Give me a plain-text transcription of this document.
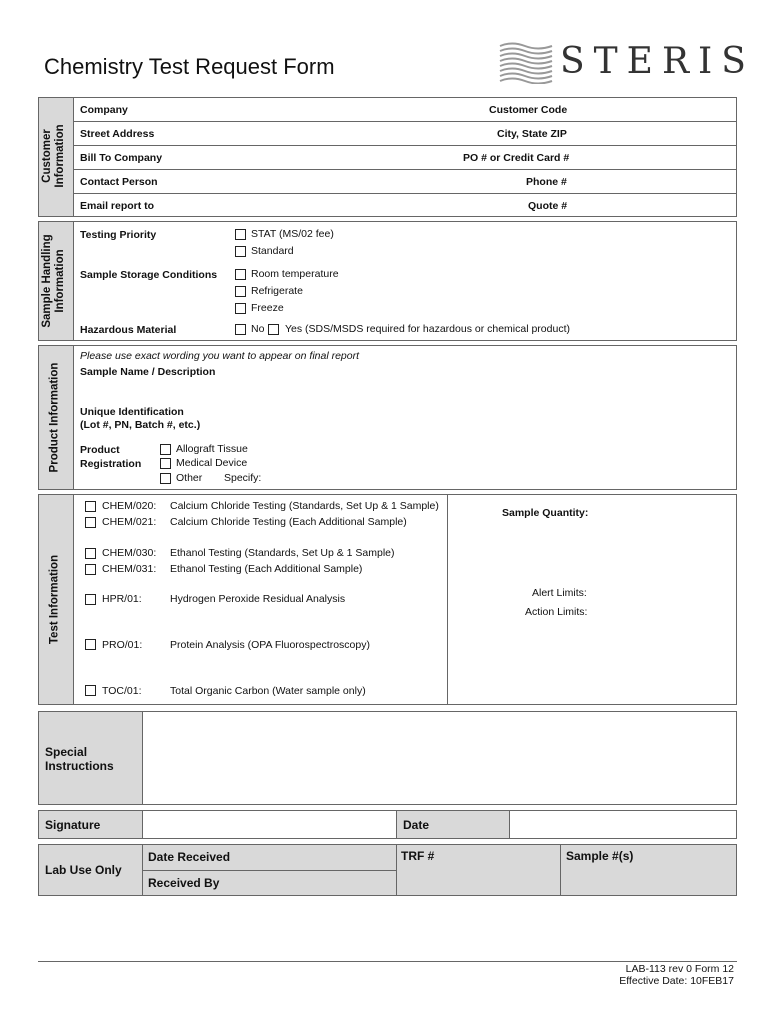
Chemistry Test Request Form	STERIS
Customer
Information
Company	Customer Code
Street Address	City, State ZIP
Bill To Company	PO # or Credit Card #
Contact Person	Phone #
Email report to	Quote #
Sample Handling
Information
Testing Priority	STAT (MS/02 fee)
Standard
Sample Storage Conditions	Room temperature
Refrigerate
Freeze
Hazardous Material	No Yes (SDS/MSDS required for hazardous or chemical product)
Product Information
Please use exact wording you want to appear on final report
Sample Name / Description
Unique Identification
(Lot #, PN, Batch #, etc.)
Product
Registration
Allograft Tissue
Medical Device
Other Specify:
Test Information
CHEM/020: Calcium Chloride Testing (Standards, Set Up & 1 Sample)
CHEM/021: Calcium Chloride Testing (Each Additional Sample)
CHEM/030: Ethanol Testing (Standards, Set Up & 1 Sample)
CHEM/031: Ethanol Testing (Each Additional Sample)
HPR/01:	Hydrogen Peroxide Residual Analysis
PRO/01:	Protein Analysis (OPA Fluorospectroscopy)
TOC/01:	Total Organic Carbon (Water sample only)
Sample Quantity:
Alert Limits:
Action Limits:
Special
Instructions
Signature	Date
Lab Use Only
Date Received
Received By
TRF #	Sample #(s)
LAB-113 rev 0 Form 12
Effective Date: 10FEB17
